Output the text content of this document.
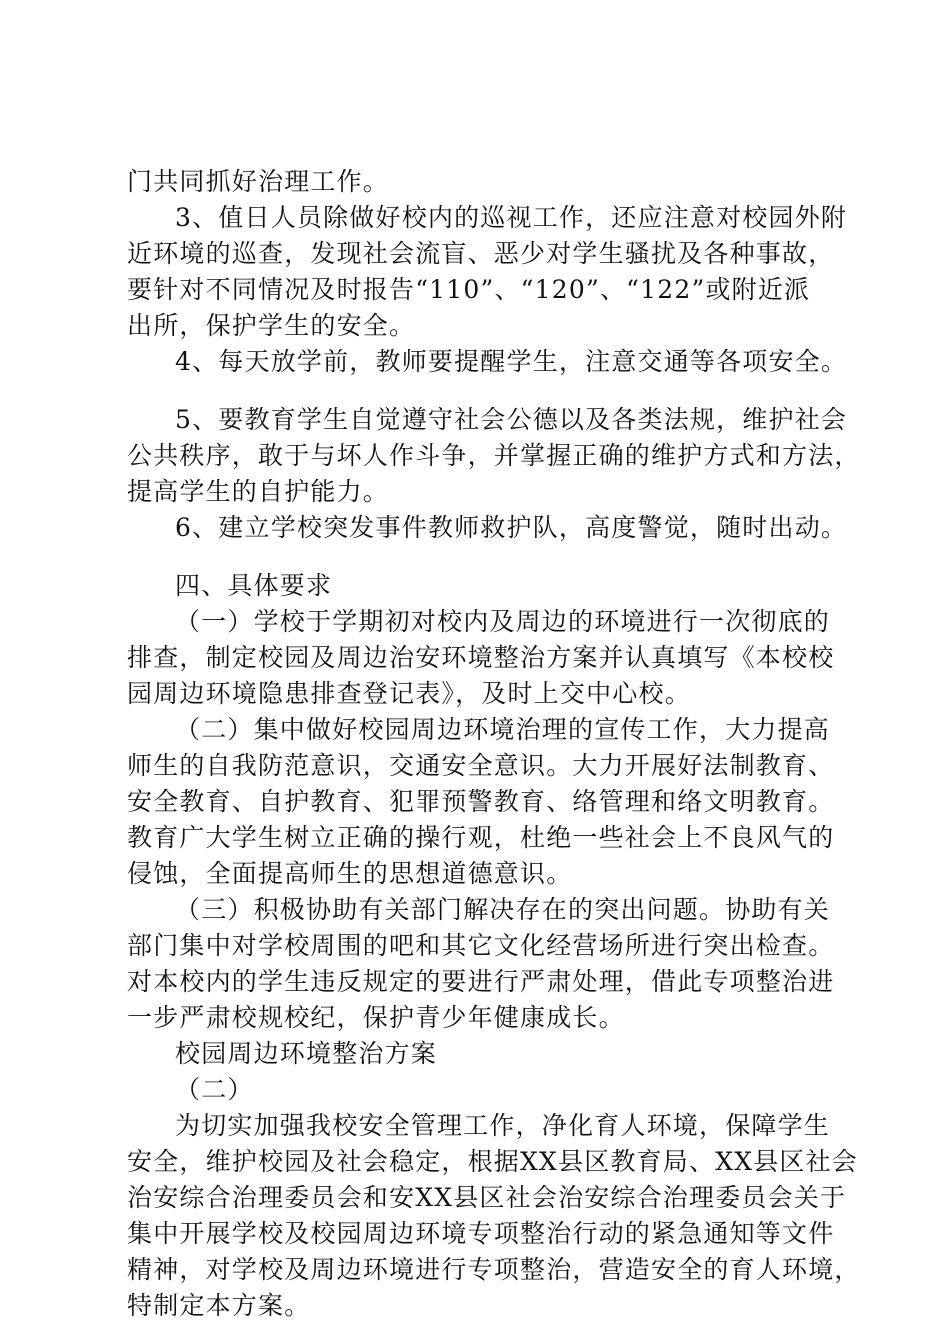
门共同抓好治理工作。
3、值日人员除做好校内的巡视工作，还应注意对校园外附
近环境的巡查，发现社会流盲、恶少对学生骚扰及各种事故，
要针对不同情况及时报告“110”、“120”、“122”或附近派
出所，保护学生的安全。
4、每天放学前，教师要提醒学生，注意交通等各项安全。
5、要教育学生自觉遵守社会公德以及各类法规，维护社会
公共秩序，敢于与坏人作斗争，并掌握正确的维护方式和方法，
提高学生的自护能力。
6、建立学校突发事件教师救护队，高度警觉，随时出动。
四、具体要求
（一）学校于学期初对校内及周边的环境进行一次彻底的
排查，制定校园及周边治安环境整治方案并认真填写《本校校
园周边环境隐患排查登记表》，及时上交中心校。
（二）集中做好校园周边环境治理的宣传工作，大力提高
师生的自我防范意识，交通安全意识。大力开展好法制教育、
安全教育、自护教育、犯罪预警教育、络管理和络文明教育。
教育广大学生树立正确的操行观，杜绝一些社会上不良风气的
侵蚀，全面提高师生的思想道德意识。
（三）积极协助有关部门解决存在的突出问题。协助有关
部门集中对学校周围的吧和其它文化经营场所进行突出检查。
对本校内的学生违反规定的要进行严肃处理，借此专项整治进
一步严肃校规校纪，保护青少年健康成长。
校园周边环境整治方案
（二）
为切实加强我校安全管理工作，净化育人环境，保障学生
安全，维护校园及社会稳定，根据XX县区教育局、XX县区社会
治安综合治理委员会和安XX县区社会治安综合治理委员会关于
集中开展学校及校园周边环境专项整治行动的紧急通知等文件
精神，对学校及周边环境进行专项整治，营造安全的育人环境，
特制定本方案。
